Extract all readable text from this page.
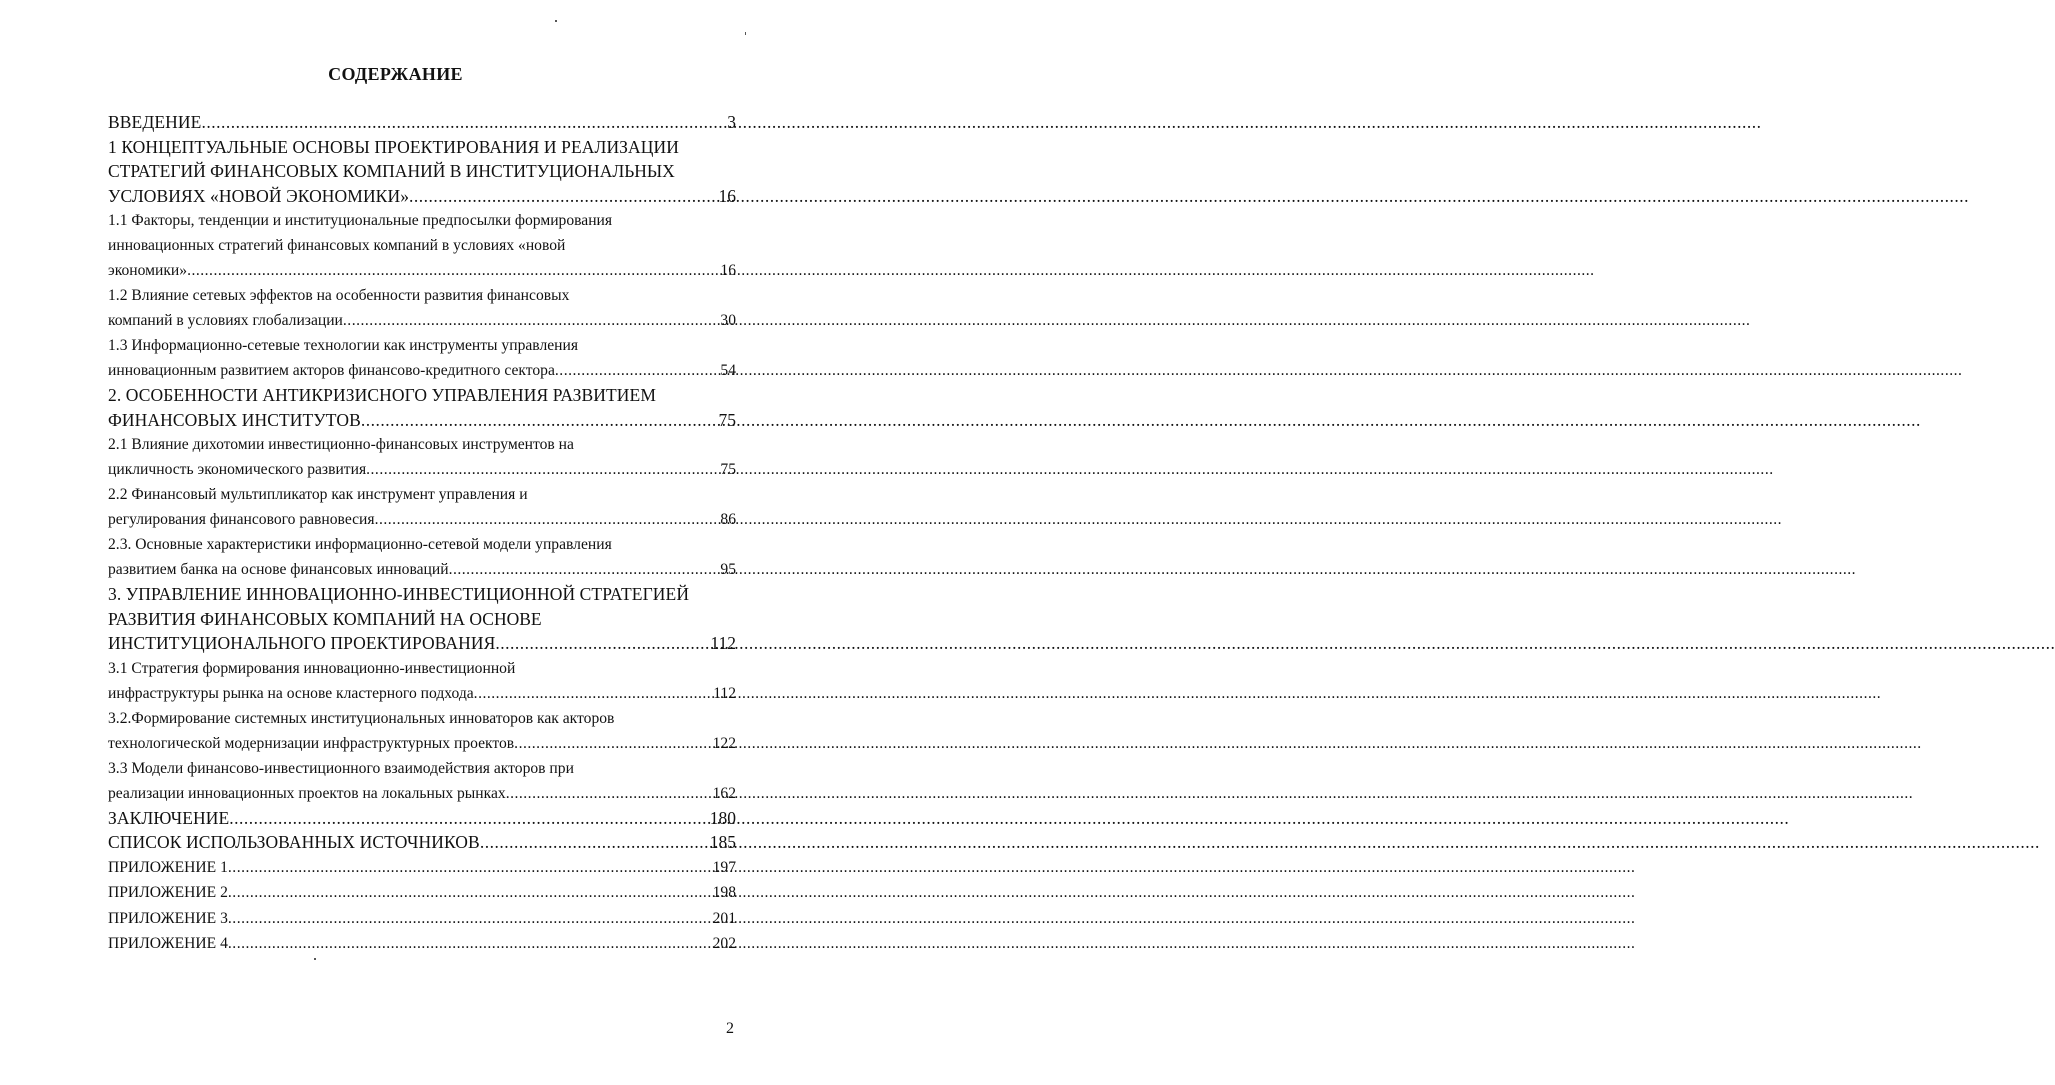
СОДЕРЖАНИЕ
ВВЕДЕНИЕ .....	3
1 КОНЦЕПТУАЛЬНЫЕ ОСНОВЫ ПРОЕКТИРОВАНИЯ И РЕАЛИЗАЦИИ
СТРАТЕГИЙ ФИНАНСОВЫХ КОМПАНИЙ В ИНСТИТУЦИОНАЛЬНЫХ
УСЛОВИЯХ «НОВОЙ ЭКОНОМИКИ» .....	16
1.1 Факторы, тенденции и институциональные предпосылки формирования
инновационных стратегий финансовых компаний в условиях «новой
экономики» .....	16
1.2 Влияние сетевых эффектов на особенности развития финансовых
компаний в условиях глобализации .....	30
1.3 Информационно-сетевые технологии как инструменты управления
инновационным развитием акторов финансово-кредитного сектора .....	54
2. ОСОБЕННОСТИ АНТИКРИЗИСНОГО УПРАВЛЕНИЯ РАЗВИТИЕМ
ФИНАНСОВЫХ ИНСТИТУТОВ .....	75
2.1 Влияние дихотомии инвестиционно-финансовых инструментов на
цикличность экономического развития .....	75
2.2 Финансовый мультипликатор как инструмент управления и
регулирования финансового равновесия .....	86
2.3. Основные характеристики информационно-сетевой модели управления
развитием банка на основе финансовых инноваций .....	95
3. УПРАВЛЕНИЕ ИННОВАЦИОННО-ИНВЕСТИЦИОННОЙ СТРАТЕГИЕЙ
РАЗВИТИЯ ФИНАНСОВЫХ КОМПАНИЙ НА ОСНОВЕ
ИНСТИТУЦИОНАЛЬНОГО ПРОЕКТИРОВАНИЯ .....	112
3.1 Стратегия формирования инновационно-инвестиционной
инфраструктуры рынка на основе кластерного подхода .....	112
3.2.Формирование системных институциональных инноваторов как акторов
технологической модернизации инфраструктурных проектов .....	122
3.3 Модели финансово-инвестиционного взаимодействия акторов при
реализации инновационных проектов на локальных рынках .....	162
ЗАКЛЮЧЕНИЕ .....	180
СПИСОК ИСПОЛЬЗОВАННЫХ ИСТОЧНИКОВ .....	185
ПРИЛОЖЕНИЕ 1 .....	197
ПРИЛОЖЕНИЕ 2 .....	198
ПРИЛОЖЕНИЕ 3 .....	201
ПРИЛОЖЕНИЕ 4 .....	202
2
